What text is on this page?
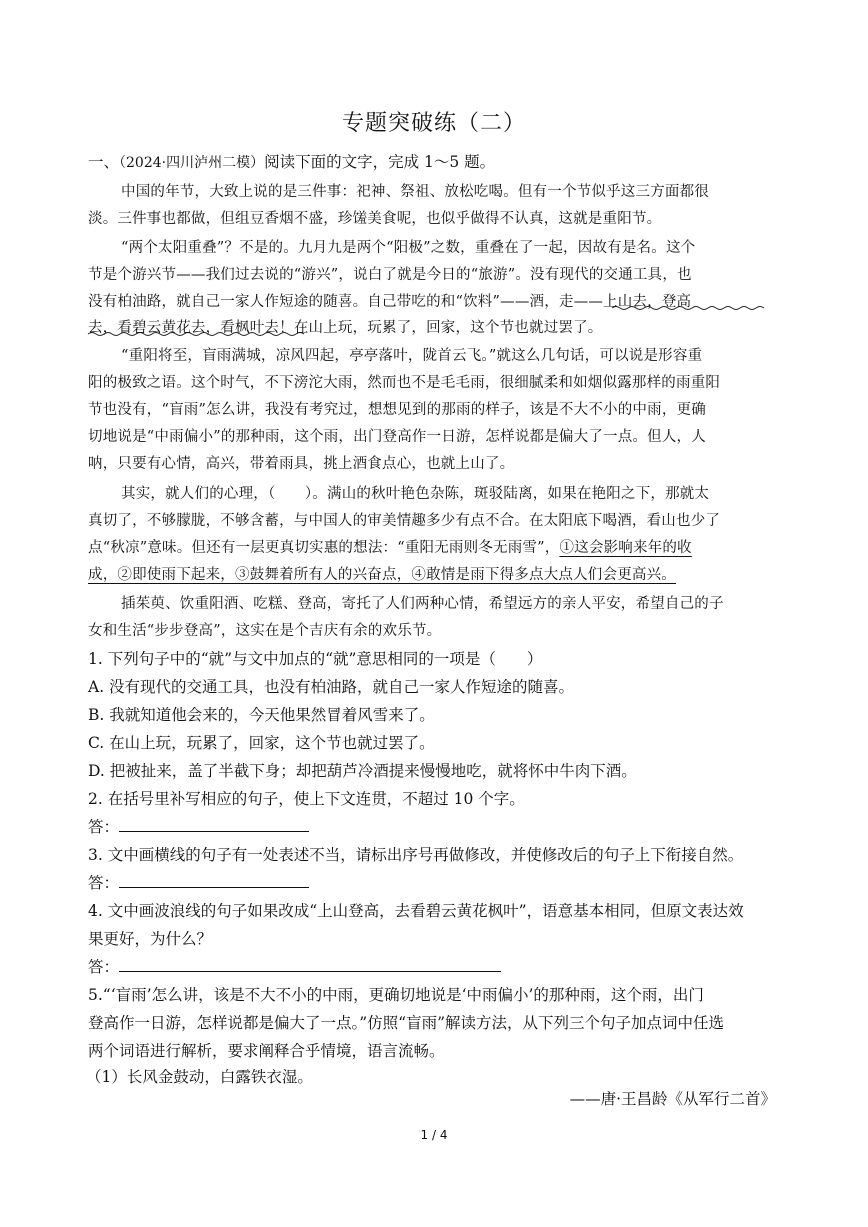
专题突破练（二）
一、（2024·四川泸州二模）阅读下面的文字，完成 1～5 题。
中国的年节，大致上说的是三件事：祀神、祭祖、放松吃喝。但有一个节似乎这三方面都很
淡。三件事也都做，但组豆香烟不盛，珍馐美食呢，也似乎做得不认真，这就是重阳节。
“两个太阳重叠”？不是的。九月九是两个“阳极”之数，重叠在了一起，因故有是名。这个
节是个游兴节——我们过去说的“游兴”，说白了就是今日的“旅游”。没有现代的交通工具，也
没有柏油路，就自己一家人作短途的随喜。自己带吃的和“饮料”——酒，走——上山去，登高
去，看碧云黄花去，看枫叶去！在山上玩，玩累了，回家，这个节也就过罢了。
“重阳将至，盲雨满城，凉风四起，亭亭落叶，陇首云飞。”就这么几句话，可以说是形容重
阳的极致之语。这个时气，不下滂沱大雨，然而也不是毛毛雨，很细腻柔和如烟似露那样的雨重阳
节也没有，“盲雨”怎么讲，我没有考究过，想想见到的那雨的样子，该是不大不小的中雨，更确
切地说是“中雨偏小”的那种雨，这个雨，出门登高作一日游，怎样说都是偏大了一点。但人，人
呐，只要有心情，高兴，带着雨具，挑上酒食点心，也就上山了。
其实，就人们的心理，（　　）。满山的秋叶艳色杂陈，斑驳陆离，如果在艳阳之下，那就太
真切了，不够朦胧，不够含蓄，与中国人的审美情趣多少有点不合。在太阳底下喝酒，看山也少了
点“秋凉”意味。但还有一层更真切实惠的想法：“重阳无雨则冬无雨雪”，①这会影响来年的收
成，②即使雨下起来，③鼓舞着所有人的兴奋点，④敢情是雨下得多点大点人们会更高兴。
插茱萸、饮重阳酒、吃糕、登高，寄托了人们两种心情，希望远方的亲人平安，希望自己的子
女和生活“步步登高”，这实在是个吉庆有余的欢乐节。
1. 下列句子中的“就”与文中加点的“就”意思相同的一项是（　　）
A. 没有现代的交通工具，也没有柏油路，就自己一家人作短途的随喜。
B. 我就知道他会来的，今天他果然冒着风雪来了。
C. 在山上玩，玩累了，回家，这个节也就过罢了。
D. 把被扯来，盖了半截下身；却把葫芦冷酒提来慢慢地吃，就将怀中牛肉下酒。
2. 在括号里补写相应的句子，使上下文连贯，不超过 10 个字。
答：
3. 文中画横线的句子有一处表述不当，请标出序号再做修改，并使修改后的句子上下衔接自然。
答：
4. 文中画波浪线的句子如果改成“上山登高，去看碧云黄花枫叶”，语意基本相同，但原文表达效
果更好，为什么？
答：
5.“‘盲雨’怎么讲，该是不大不小的中雨，更确切地说是‘中雨偏小’的那种雨，这个雨，出门
登高作一日游，怎样说都是偏大了一点。”仿照“盲雨”解读方法，从下列三个句子加点词中任选
两个词语进行解析，要求阐释合乎情境，语言流畅。
（1）长风金鼓动，白露铁衣湿。
——唐·王昌龄《从军行二首》
1 / 4
